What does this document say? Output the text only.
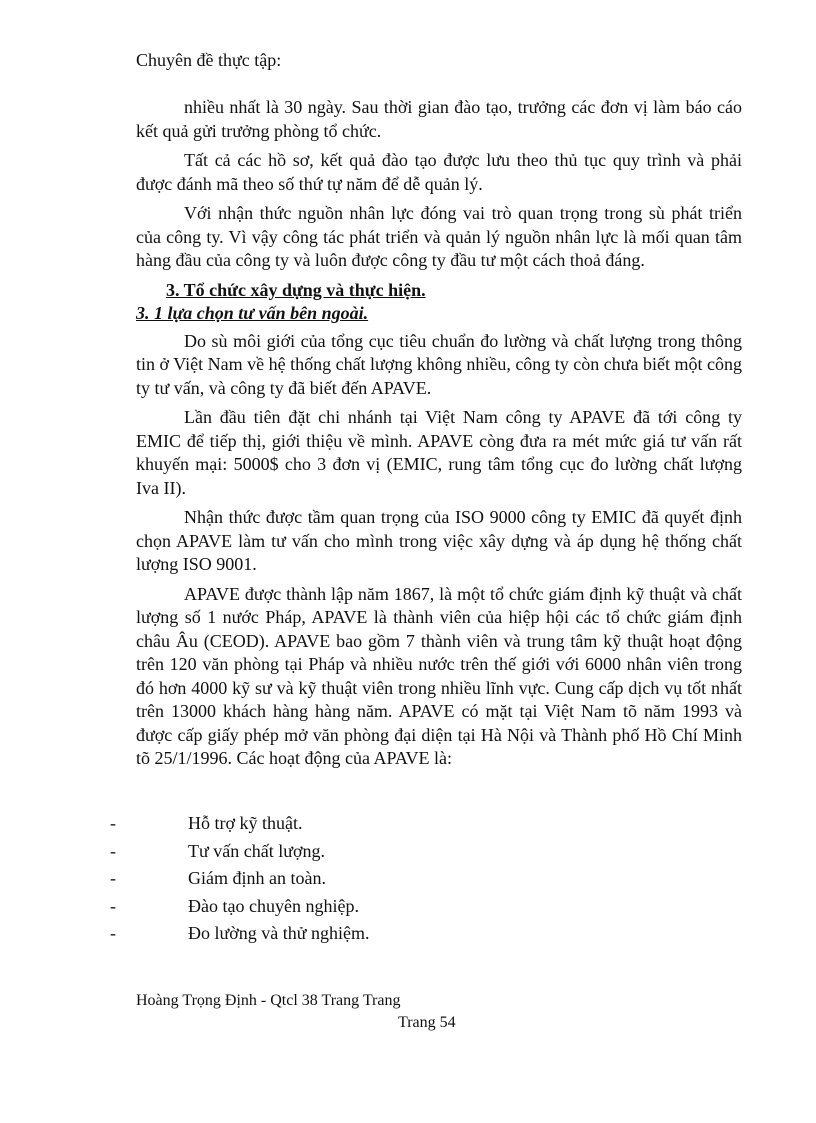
Chuyên đề thực tập:

nhiều nhất là 30 ngày. Sau thời gian đào tạo, trưởng các đơn vị làm báo cáo kết quả gửi trưởng phòng tổ chức.

Tất cả các hồ sơ, kết quả đào tạo được lưu theo thủ tục quy trình và phải được đánh mã theo số thứ tự năm để dễ quản lý.

Với nhận thức nguồn nhân lực đóng vai trò quan trọng trong sù phát triển của công ty. Vì vậy công tác phát triển và quản lý nguồn nhân lực là mối quan tâm hàng đầu của công ty và luôn được công ty đầu tư một cách thoả đáng.

3. Tổ chức xây dựng và thực hiện.
3. 1 lựa chọn tư vấn bên ngoài.

Do sù môi giới của tổng cục tiêu chuẩn đo lường và chất lượng trong thông tin ở Việt Nam về hệ thống chất lượng không nhiều, công ty còn chưa biết một công ty tư vấn, và công ty đã biết đến APAVE.

Lần đầu tiên đặt chi nhánh tại Việt Nam công ty APAVE đã tới công ty EMIC để tiếp thị, giới thiệu về mình. APAVE còng đưa ra mét mức giá tư vấn rất khuyến mại: 5000$ cho 3 đơn vị (EMIC, rung tâm tổng cục đo lường chất lượng Iva II).

Nhận thức được tầm quan trọng của ISO 9000 công ty EMIC đã quyết định chọn APAVE làm tư vấn cho mình trong việc xây dựng và áp dụng hệ thống chất lượng ISO 9001.

APAVE được thành lập năm 1867, là một tổ chức giám định kỹ thuật và chất lượng số 1 nước Pháp, APAVE là thành viên của hiệp hội các tổ chức giám định châu Âu (CEOD). APAVE bao gồm 7 thành viên và trung tâm kỹ thuật hoạt động trên 120 văn phòng tại Pháp và nhiều nước trên thế giới với 6000 nhân viên trong đó hơn 4000 kỹ sư và kỹ thuật viên trong nhiều lĩnh vực. Cung cấp dịch vụ tốt nhất trên 13000 khách hàng hàng năm. APAVE có mặt tại Việt Nam tõ năm 1993 và được cấp giấy phép mở văn phòng đại diện tại Hà Nội và Thành phố Hồ Chí Minh tõ 25/1/1996. Các hoạt động của APAVE là:

-	Hỗ trợ kỹ thuật.
-	Tư vấn chất lượng.
-	Giám định an toàn.
-	Đào tạo chuyên nghiệp.
-	Đo lường và thử nghiệm.
Hoàng Trọng Định - Qtcl 38 Trang Trang
Trang 54
